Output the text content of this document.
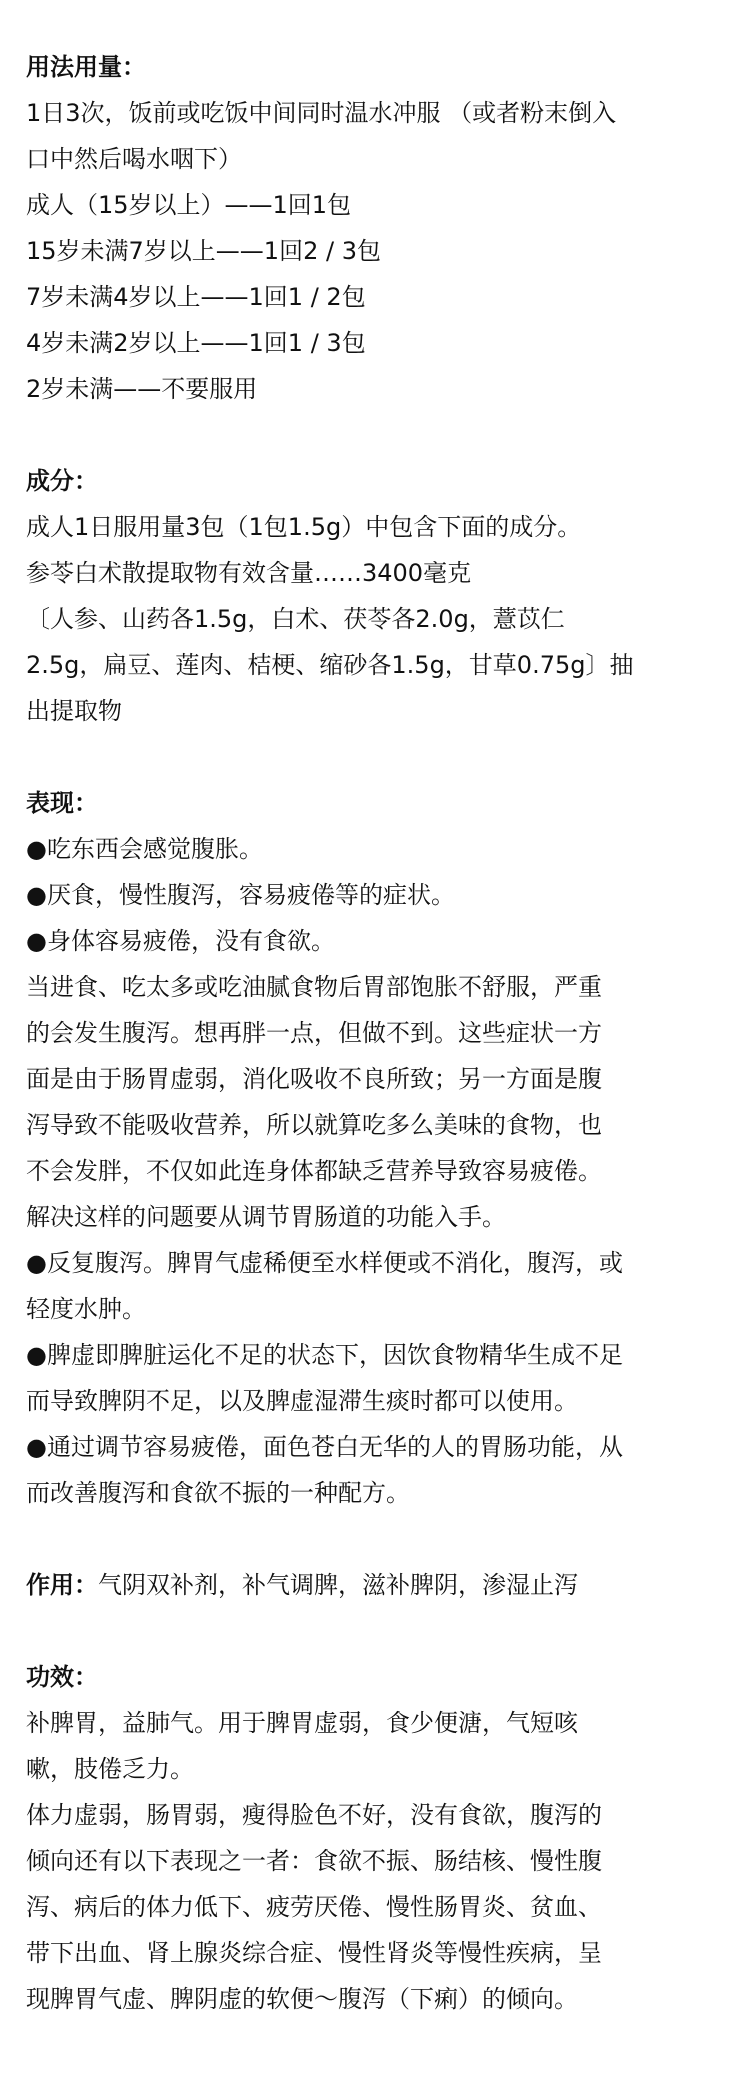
用法用量：

1日3次，饭前或吃饭中间同时温水冲服 （或者粉末倒入

口中然后喝水咽下）

成人（15岁以上）——1回1包

15岁未满7岁以上——1回2 / 3包

7岁未满4岁以上——1回1 / 2包

4岁未满2岁以上——1回1 / 3包

2岁未满——不要服用

成分：

成人1日服用量3包（1包1.5g）中包含下面的成分。

参苓白术散提取物有效含量……3400毫克

〔人参、山药各1.5g，白术、茯苓各2.0g，薏苡仁

2.5g，扁豆、莲肉、桔梗、缩砂各1.5g，甘草0.75g〕抽

出提取物

表现：

●吃东西会感觉腹胀。

●厌食，慢性腹泻，容易疲倦等的症状。

●身体容易疲倦，没有食欲。

当进食、吃太多或吃油腻食物后胃部饱胀不舒服，严重

的会发生腹泻。想再胖一点，但做不到。这些症状一方

面是由于肠胃虚弱，消化吸收不良所致；另一方面是腹

泻导致不能吸收营养，所以就算吃多么美味的食物，也

不会发胖，不仅如此连身体都缺乏营养导致容易疲倦。

解决这样的问题要从调节胃肠道的功能入手。

●反复腹泻。脾胃气虚稀便至水样便或不消化，腹泻，或

轻度水肿。

●脾虚即脾脏运化不足的状态下，因饮食物精华生成不足

而导致脾阴不足，以及脾虚湿滞生痰时都可以使用。

●通过调节容易疲倦，面色苍白无华的人的胃肠功能，从

而改善腹泻和食欲不振的一种配方。

作用：气阴双补剂，补气调脾，滋补脾阴，渗湿止泻

功效：

补脾胃，益肺气。用于脾胃虚弱，食少便溏，气短咳

嗽，肢倦乏力。

体力虚弱，肠胃弱，瘦得脸色不好，没有食欲，腹泻的

倾向还有以下表现之一者：食欲不振、肠结核、慢性腹

泻、病后的体力低下、疲劳厌倦、慢性肠胃炎、贫血、

带下出血、肾上腺炎综合症、慢性肾炎等慢性疾病，呈

现脾胃气虚、脾阴虚的软便～腹泻（下痢）的倾向。
